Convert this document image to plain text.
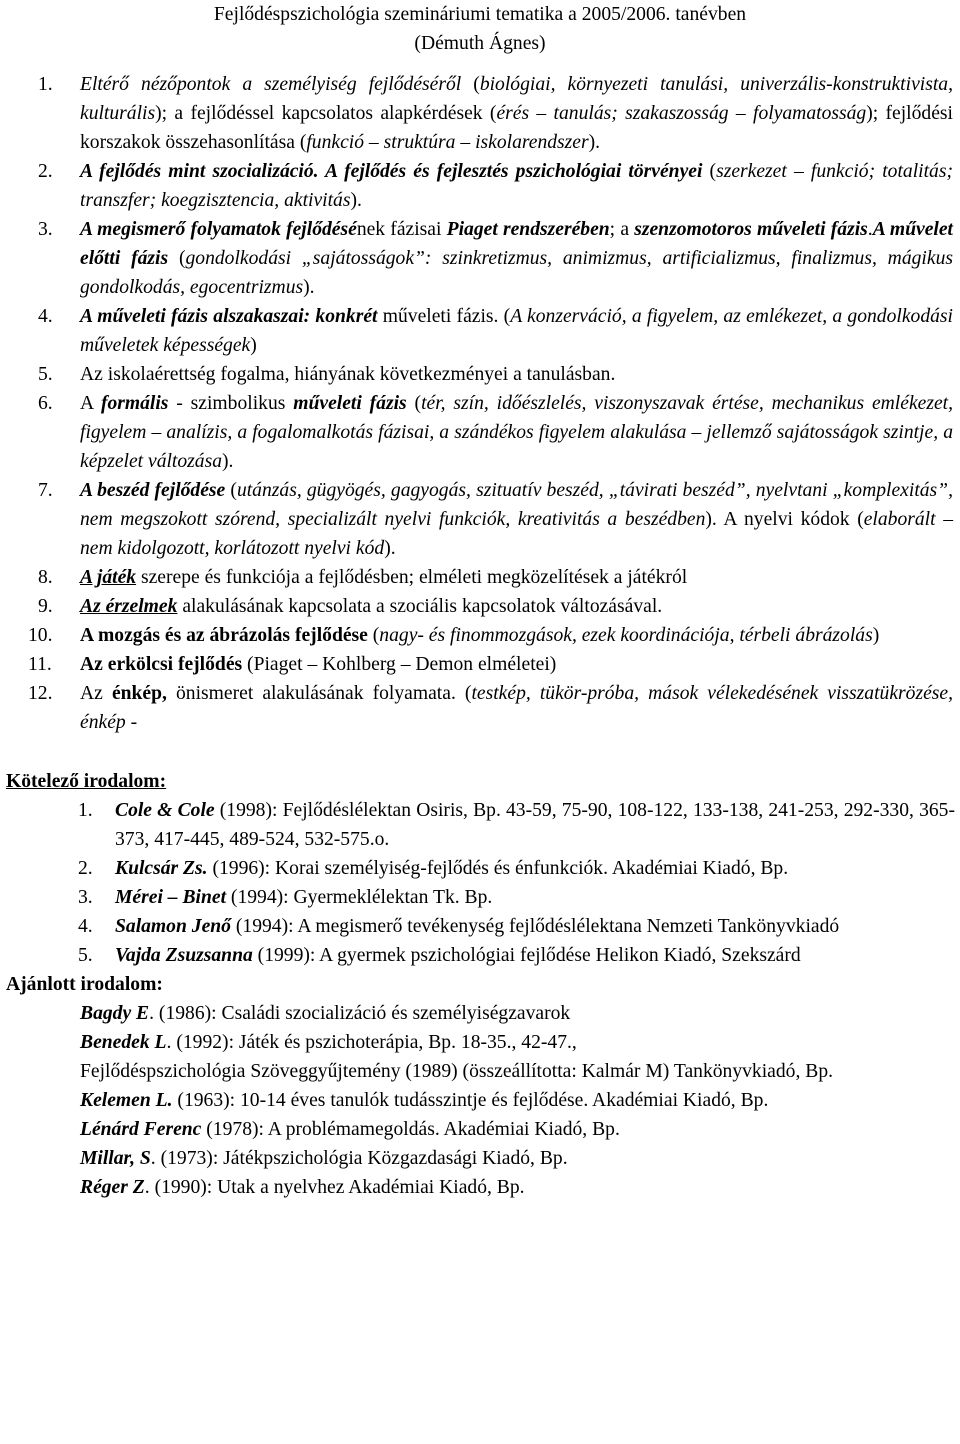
Fejlődéspszichológia szemináriumi tematika a 2005/2006. tanévben
(Démuth Ágnes)

1.	Eltérő nézőpontok a személyiség fejlődéséről (biológiai, környezeti tanulási, univerzális-konstruktivista, kulturális); a fejlődéssel kapcsolatos alapkérdések (érés – tanulás; szakaszosság – folyamatosság); fejlődési korszakok összehasonlítása (funkció – struktúra – iskolarendszer).
2.	A fejlődés mint szocializáció. A fejlődés és fejlesztés pszichológiai törvényei (szerkezet – funkció; totalitás; transzfer; koegzisztencia, aktivitás).
3.	A megismerő folyamatok fejlődésének fázisai Piaget rendszerében; a szenzomotoros műveleti fázis.A művelet előtti fázis (gondolkodási „sajátosságok”: szinkretizmus, animizmus, artificializmus, finalizmus, mágikus gondolkodás, egocentrizmus).
4.	A műveleti fázis alszakaszai: konkrét műveleti fázis. (A konzerváció, a figyelem, az emlékezet, a gondolkodási műveletek képességek)
5.	Az iskolaérettség fogalma, hiányának következményei a tanulásban.
6.	A formális - szimbolikus műveleti fázis (tér, szín, időészlelés, viszonyszavak értése, mechanikus emlékezet, figyelem – analízis, a fogalomalkotás fázisai, a szándékos figyelem alakulása – jellemző sajátosságok szintje, a képzelet változása).
7.	A beszéd fejlődése (utánzás, gügyögés, gagyogás, szituatív beszéd, „távirati beszéd”, nyelvtani „komplexitás”, nem megszokott szórend, specializált nyelvi funkciók, kreativitás a beszédben). A nyelvi kódok (elaborált – nem kidolgozott, korlátozott nyelvi kód).
8.	A játék szerepe és funkciója a fejlődésben; elméleti megközelítések a játékról
9.	Az érzelmek alakulásának kapcsolata a szociális kapcsolatok változásával.
10.	A mozgás és az ábrázolás fejlődése (nagy- és finommozgások, ezek koordinációja, térbeli ábrázolás)
11.	Az erkölcsi fejlődés (Piaget – Kohlberg – Demon elméletei)
12.	Az énkép, önismeret alakulásának folyamata. (testkép, tükör-próba, mások vélekedésének visszatükrözése, énkép -
Kötelező irodalom:
1.	Cole & Cole (1998): Fejlődéslélektan Osiris, Bp. 43-59, 75-90, 108-122, 133-138, 241-253, 292-330, 365-373, 417-445, 489-524, 532-575.o.
2.	Kulcsár Zs. (1996): Korai személyiség-fejlődés és énfunkciók. Akadémiai Kiadó, Bp.
3.	Mérei – Binet (1994): Gyermeklélektan Tk. Bp.
4.	Salamon Jenő (1994): A megismerő tevékenység fejlődéslélektana Nemzeti Tankönyvkiadó
5.	Vajda Zsuzsanna (1999): A gyermek pszichológiai fejlődése Helikon Kiadó, Szekszárd
Ajánlott irodalom:
Bagdy E. (1986): Családi szocializáció és személyiségzavarok
Benedek L. (1992): Játék és pszichoterápia, Bp. 18-35., 42-47.,
Fejlődéspszichológia Szöveggyűjtemény (1989) (összeállította: Kalmár M) Tankönyvkiadó, Bp.
Kelemen L. (1963): 10-14 éves tanulók tudásszintje és fejlődése. Akadémiai Kiadó, Bp.
Lénárd Ferenc (1978): A problémamegoldás. Akadémiai Kiadó, Bp.
Millar, S. (1973): Játékpszichológia Közgazdasági Kiadó, Bp.
Réger Z. (1990): Utak a nyelvhez Akadémiai Kiadó, Bp.
